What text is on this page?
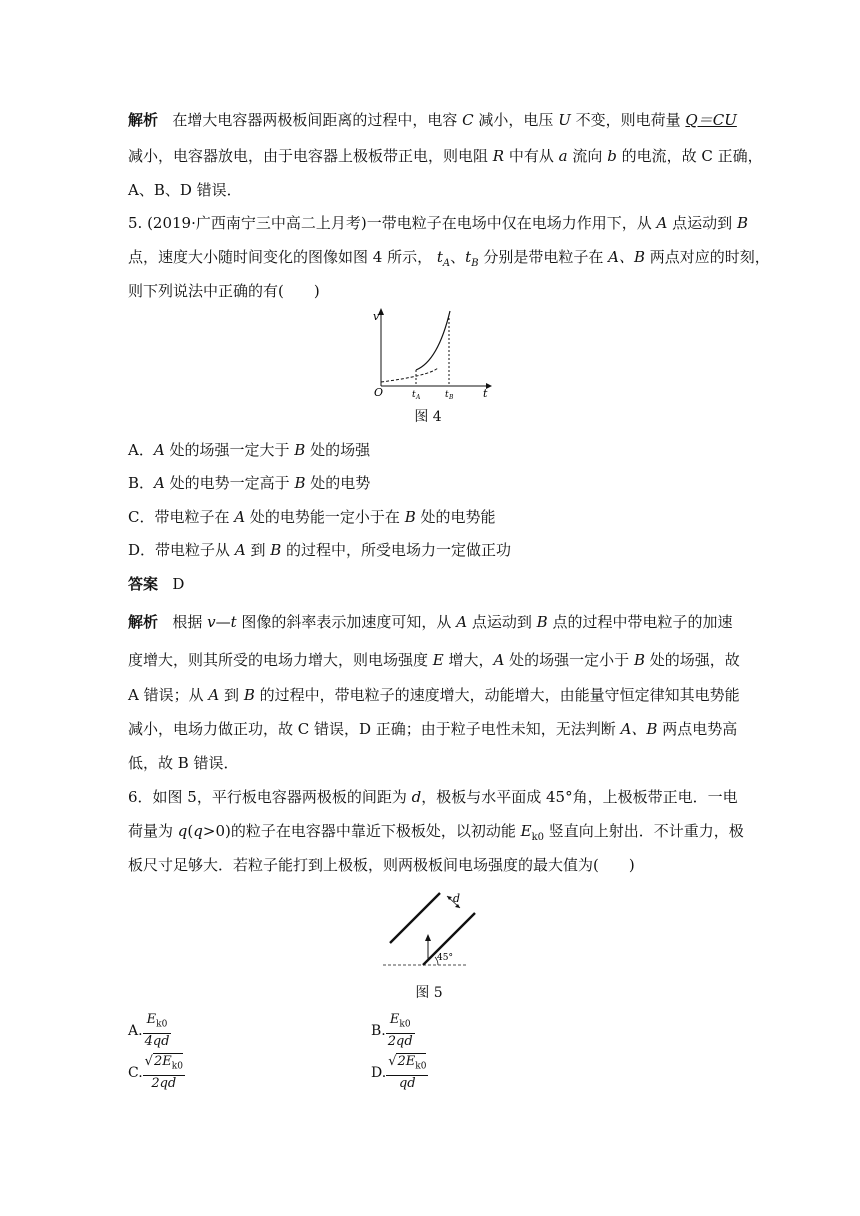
解析 在增大电容器两极板间距离的过程中，电容 C 减小，电压 U 不变，则电荷量 Q＝CU
减小，电容器放电，由于电容器上极板带正电，则电阻 R 中有从 a 流向 b 的电流，故 C 正确，
A、B、D 错误．
5. (2019·广西南宁三中高二上月考)一带电粒子在电场中仅在电场力作用下，从 A 点运动到 B
点，速度大小随时间变化的图像如图 4 所示， $t_A$、$t_B$ 分别是带电粒子在 A、B 两点对应的时刻，
则下列说法中正确的有(　　)
v
O	t
t A	t B
图 4
A．A 处的场强一定大于 B 处的场强
B．A 处的电势一定高于 B 处的电势
C．带电粒子在 A 处的电势能一定小于在 B 处的电势能
D．带电粒子从 A 到 B 的过程中，所受电场力一定做正功
答案 D
解析 根据 v—t 图像的斜率表示加速度可知，从 A 点运动到 B 点的过程中带电粒子的加速
度增大，则其所受的电场力增大，则电场强度 E 增大，A 处的场强一定小于 B 处的场强，故
A 错误；从 A 到 B 的过程中，带电粒子的速度增大，动能增大，由能量守恒定律知其电势能
减小，电场力做正功，故 C 错误，D 正确；由于粒子电性未知，无法判断 A、B 两点电势高
低，故 B 错误．
6．如图 5，平行板电容器两极板的间距为 d，极板与水平面成 45°角，上极板带正电．一电
荷量为 q(q>0)的粒子在电容器中靠近下极板处，以初动能 $E_{k0}$ 竖直向上射出．不计重力，极
板尺寸足够大．若粒子能打到上极板，则两极板间电场强度的最大值为(　　)
d
45°
图 5
A. $\frac{E_{k0}}{4qd}$	B. $\frac{E_{k0}}{2qd}$
C. $\frac{√2E_{k0}}{2qd}$	D. $\frac{√2E_{k0}}{qd}$
